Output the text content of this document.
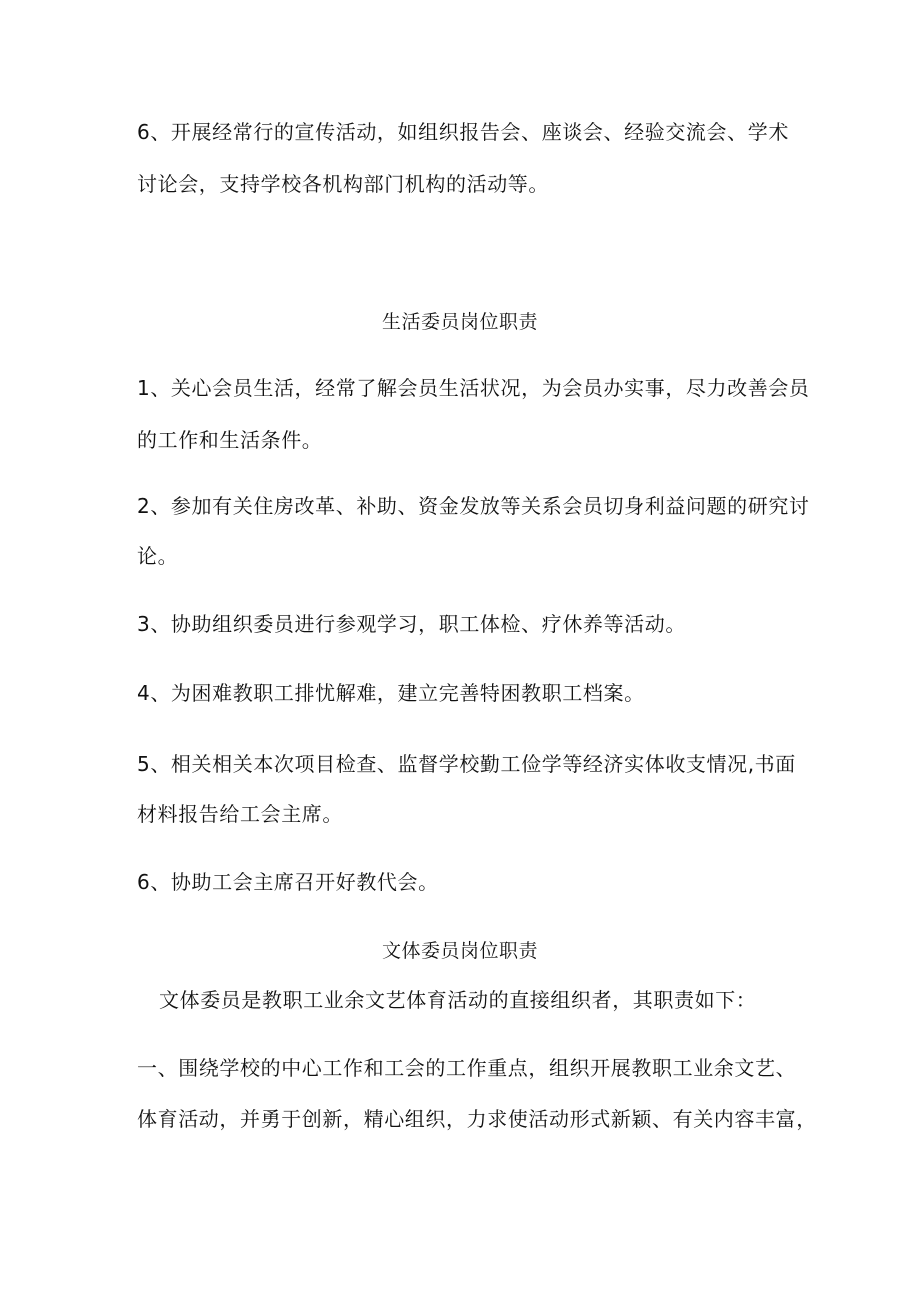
6、开展经常行的宣传活动，如组织报告会、座谈会、经验交流会、学术
讨论会，支持学校各机构部门机构的活动等。
生活委员岗位职责
1、关心会员生活，经常了解会员生活状况，为会员办实事，尽力改善会员
的工作和生活条件。
2、参加有关住房改革、补助、资金发放等关系会员切身利益问题的研究讨
论。
3、协助组织委员进行参观学习，职工体检、疗休养等活动。
4、为困难教职工排忧解难，建立完善特困教职工档案。
5、相关相关本次项目检查、监督学校勤工俭学等经济实体收支情况,书面
材料报告给工会主席。
6、协助工会主席召开好教代会。
文体委员岗位职责
文体委员是教职工业余文艺体育活动的直接组织者，其职责如下：
一、围绕学校的中心工作和工会的工作重点，组织开展教职工业余文艺、
体育活动，并勇于创新，精心组织，力求使活动形式新颖、有关内容丰富，
